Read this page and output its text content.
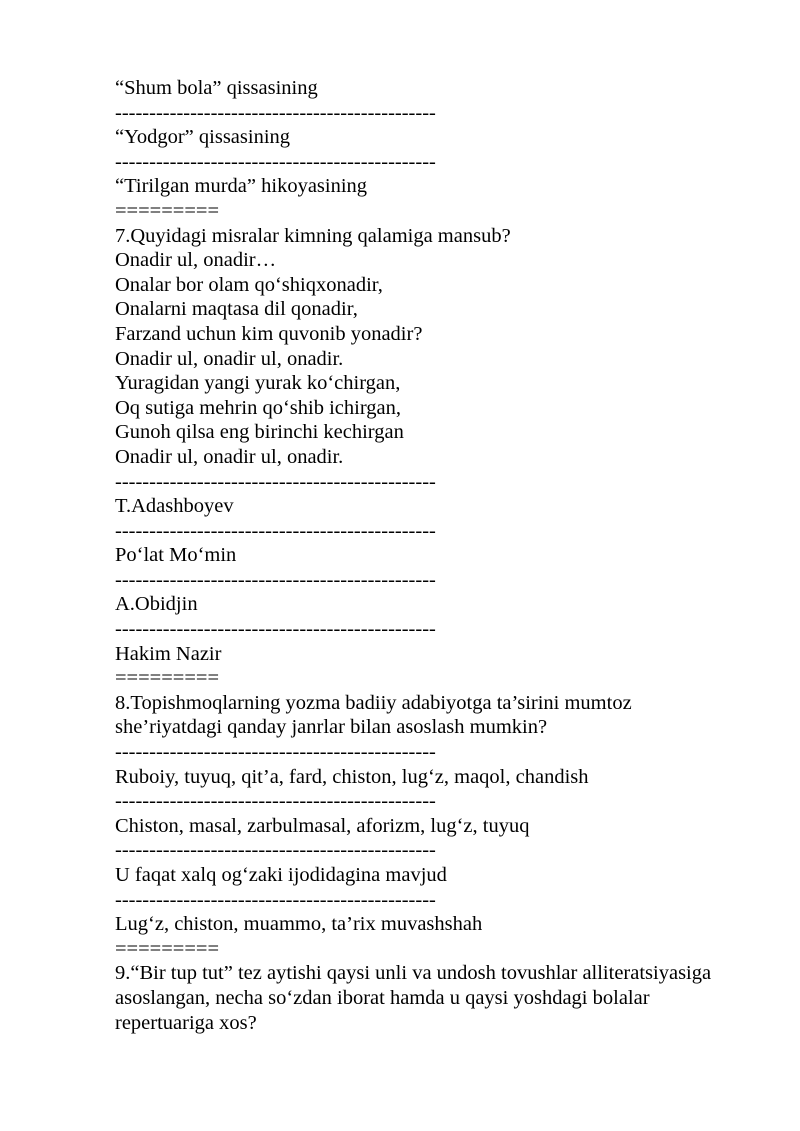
“Shum bola” qissasining
-----------------------------------------------
“Yodgor” qissasining
-----------------------------------------------
“Tirilgan murda” hikoyasining
=========
7.Quyidagi misralar kimning qalamiga mansub?
Onadir ul, onadir…
Onalar bor olam qo‘shiqxonadir,
Onalarni maqtasa dil qonadir,
Farzand uchun kim quvonib yonadir?
Onadir ul, onadir ul, onadir.
Yuragidan yangi yurak ko‘chirgan,
Oq sutiga mehrin qo‘shib ichirgan,
Gunoh qilsa eng birinchi kechirgan
Onadir ul, onadir ul, onadir.
-----------------------------------------------
T.Adashboyev
-----------------------------------------------
Po‘lat Mo‘min
-----------------------------------------------
A.Obidjin
-----------------------------------------------
Hakim Nazir
=========
8.Topishmoqlarning yozma badiiy adabiyotga ta’sirini mumtoz
she’riyatdagi qanday janrlar bilan asoslash mumkin?
-----------------------------------------------
Ruboiy, tuyuq, qit’a, fard, chiston, lug‘z, maqol, chandish
-----------------------------------------------
Chiston, masal, zarbulmasal, aforizm, lug‘z, tuyuq
-----------------------------------------------
U faqat xalq og‘zaki ijodidagina mavjud
-----------------------------------------------
Lug‘z, chiston, muammo, ta’rix muvashshah
=========
9.“Bir tup tut” tez aytishi qaysi unli va undosh tovushlar alliteratsiyasiga
asoslangan, necha so‘zdan iborat hamda u qaysi yoshdagi bolalar
repertuariga xos?
